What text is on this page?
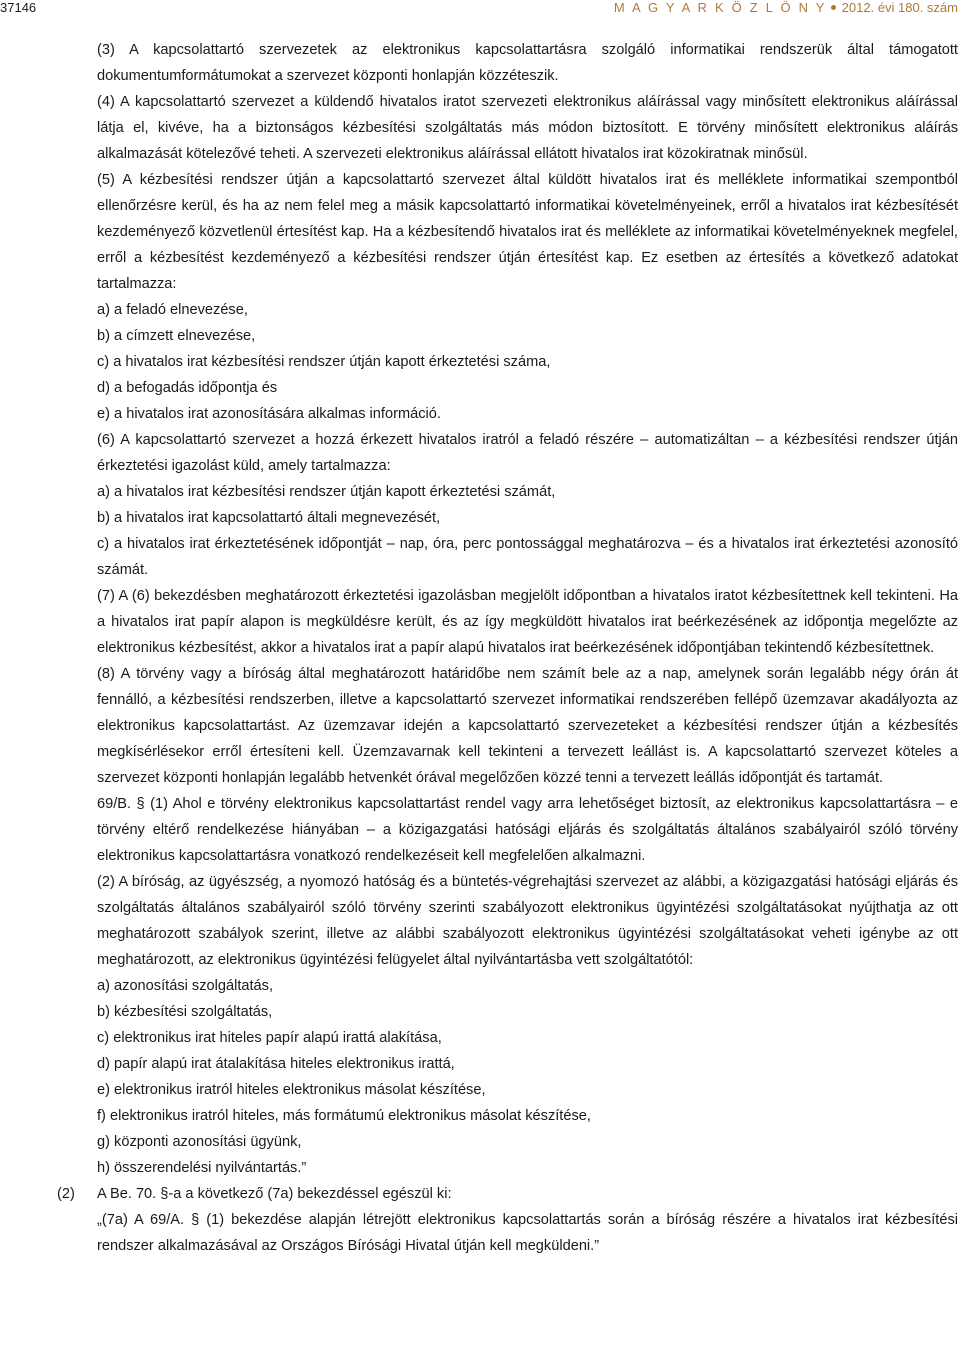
37146	M A G Y A R K Ö Z L Ö N Y 2012. évi 180. szám

(3) A kapcsolattartó szervezetek az elektronikus kapcsolattartásra szolgáló informatikai rendszerük által támogatott dokumentumformátumokat a szervezet központi honlapján közzéteszik.

(4) A kapcsolattartó szervezet a küldendő hivatalos iratot szervezeti elektronikus aláírással vagy minősített elektronikus aláírással látja el, kivéve, ha a biztonságos kézbesítési szolgáltatás más módon biztosított. E törvény minősített elektronikus aláírás alkalmazását kötelezővé teheti. A szervezeti elektronikus aláírással ellátott hivatalos irat közokiratnak minősül.

(5) A kézbesítési rendszer útján a kapcsolattartó szervezet által küldött hivatalos irat és melléklete informatikai szempontból ellenőrzésre kerül, és ha az nem felel meg a másik kapcsolattartó informatikai követelményeinek, erről a hivatalos irat kézbesítését kezdeményező közvetlenül értesítést kap. Ha a kézbesítendő hivatalos irat és melléklete az informatikai követelményeknek megfelel, erről a kézbesítést kezdeményező a kézbesítési rendszer útján értesítést kap. Ez esetben az értesítés a következő adatokat tartalmazza:

a) a feladó elnevezése,

b) a címzett elnevezése,

c) a hivatalos irat kézbesítési rendszer útján kapott érkeztetési száma,

d) a befogadás időpontja és

e) a hivatalos irat azonosítására alkalmas információ.

(6) A kapcsolattartó szervezet a hozzá érkezett hivatalos iratról a feladó részére – automatizáltan – a kézbesítési rendszer útján érkeztetési igazolást küld, amely tartalmazza:

a) a hivatalos irat kézbesítési rendszer útján kapott érkeztetési számát,

b) a hivatalos irat kapcsolattartó általi megnevezését,

c) a hivatalos irat érkeztetésének időpontját – nap, óra, perc pontossággal meghatározva – és a hivatalos irat érkeztetési azonosító számát.

(7) A (6) bekezdésben meghatározott érkeztetési igazolásban megjelölt időpontban a hivatalos iratot kézbesítettnek kell tekinteni. Ha a hivatalos irat papír alapon is megküldésre került, és az így megküldött hivatalos irat beérkezésének az időpontja megelőzte az elektronikus kézbesítést, akkor a hivatalos irat a papír alapú hivatalos irat beérkezésének időpontjában tekintendő kézbesítettnek.

(8) A törvény vagy a bíróság által meghatározott határidőbe nem számít bele az a nap, amelynek során legalább négy órán át fennálló, a kézbesítési rendszerben, illetve a kapcsolattartó szervezet informatikai rendszerében fellépő üzemzavar akadályozta az elektronikus kapcsolattartást. Az üzemzavar idején a kapcsolattartó szervezeteket a kézbesítési rendszer útján a kézbesítés megkísérlésekor erről értesíteni kell. Üzemzavarnak kell tekinteni a tervezett leállást is. A kapcsolattartó szervezet köteles a szervezet központi honlapján legalább hetvenkét órával megelőzően közzé tenni a tervezett leállás időpontját és tartamát.

69/B. § (1) Ahol e törvény elektronikus kapcsolattartást rendel vagy arra lehetőséget biztosít, az elektronikus kapcsolattartásra – e törvény eltérő rendelkezése hiányában – a közigazgatási hatósági eljárás és szolgáltatás általános szabályairól szóló törvény elektronikus kapcsolattartásra vonatkozó rendelkezéseit kell megfelelően alkalmazni.

(2) A bíróság, az ügyészség, a nyomozó hatóság és a büntetés-végrehajtási szervezet az alábbi, a közigazgatási hatósági eljárás és szolgáltatás általános szabályairól szóló törvény szerinti szabályozott elektronikus ügyintézési szolgáltatásokat nyújthatja az ott meghatározott szabályok szerint, illetve az alábbi szabályozott elektronikus ügyintézési szolgáltatásokat veheti igénybe az ott meghatározott, az elektronikus ügyintézési felügyelet által nyilvántartásba vett szolgáltatótól:

a) azonosítási szolgáltatás,

b) kézbesítési szolgáltatás,

c) elektronikus irat hiteles papír alapú irattá alakítása,

d) papír alapú irat átalakítása hiteles elektronikus irattá,

e) elektronikus iratról hiteles elektronikus másolat készítése,

f) elektronikus iratról hiteles, más formátumú elektronikus másolat készítése,

g) központi azonosítási ügyünk,

h) összerendelési nyilvántartás.”

(2)	A Be. 70. §-a a következő (7a) bekezdéssel egészül ki:

„(7a) A 69/A. § (1) bekezdése alapján létrejött elektronikus kapcsolattartás során a bíróság részére a hivatalos irat kézbesítési rendszer alkalmazásával az Országos Bírósági Hivatal útján kell megküldeni.”
